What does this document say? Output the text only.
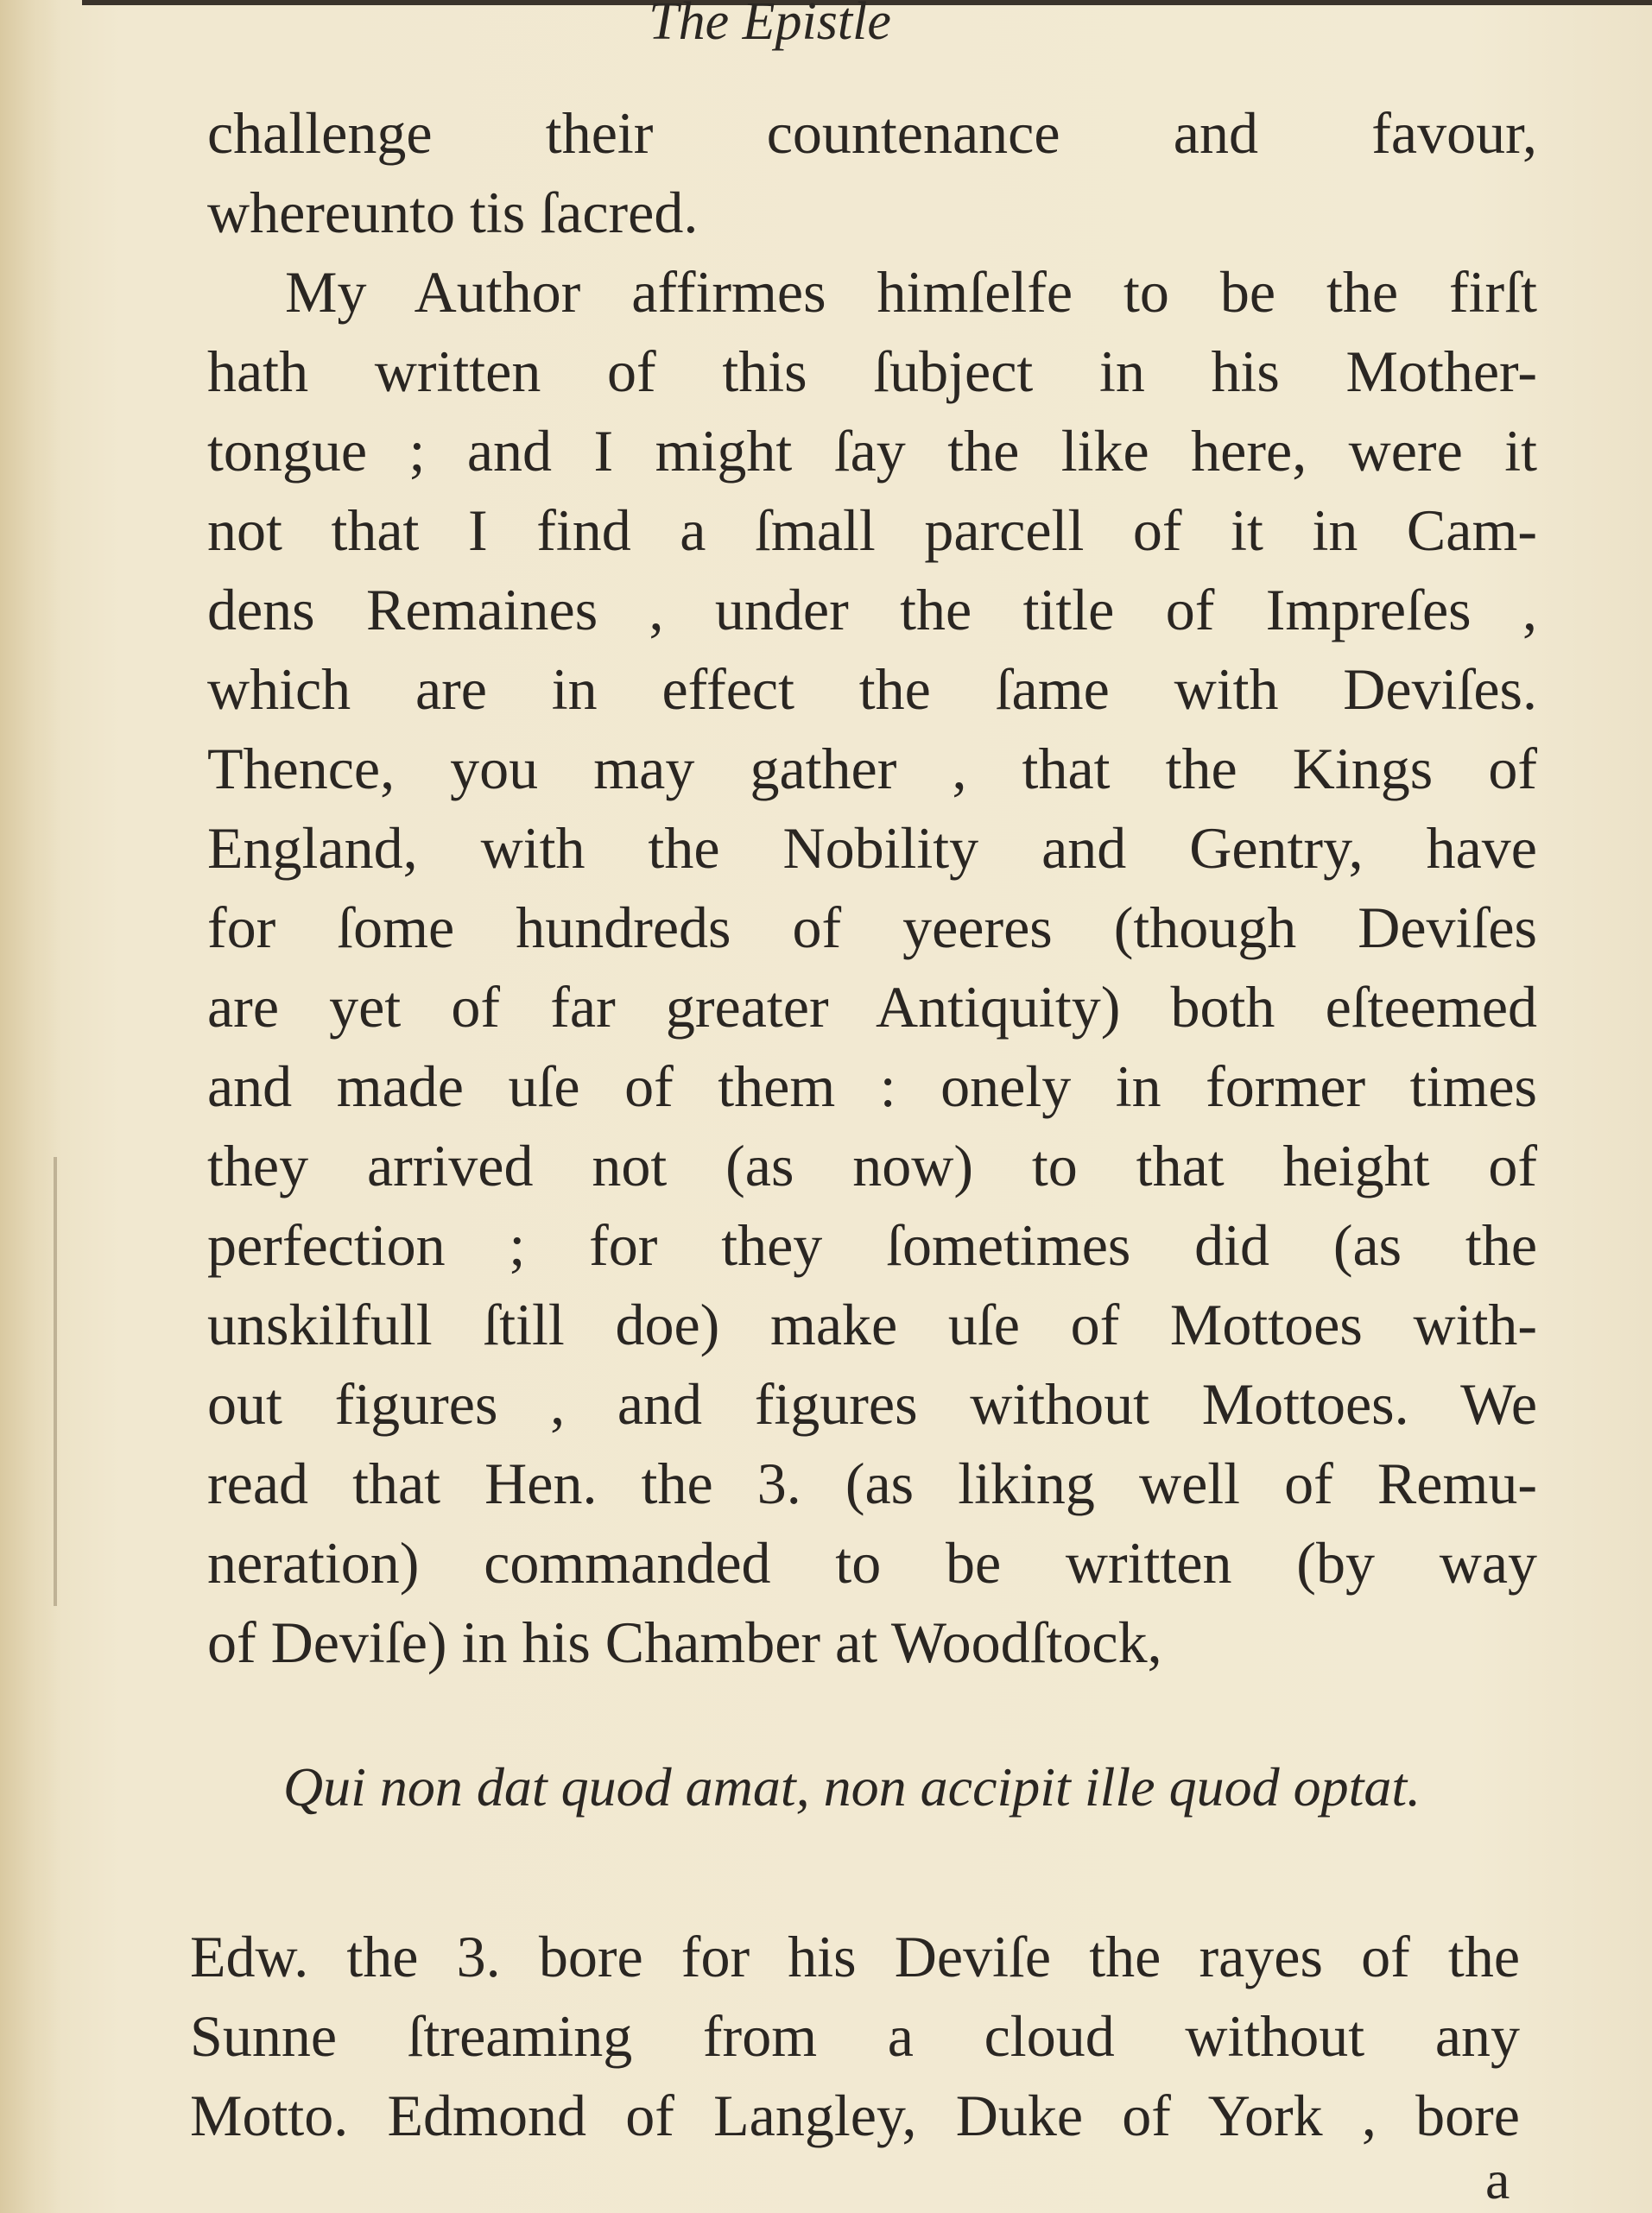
The Epistle
challenge their countenance and favour,
whereunto tis ſacred.
My Author affirmes himſelfe to be the firſt
hath written of this ſubject in his Mother-
tongue ; and I might ſay the like here, were it
not that I find a ſmall parcell of it in Cam-
dens Remaines , under the title of Impreſes ,
which are in effect the ſame with Deviſes.
Thence, you may gather , that the Kings of
England, with the Nobility and Gentry, have
for ſome hundreds of yeeres (though Deviſes
are yet of far greater Antiquity) both eſteemed
and made uſe of them : onely in former times
they arrived not (as now) to that height of
perfection ; for they ſometimes did (as the
unskilfull ſtill doe) make uſe of Mottoes with-
out figures , and figures without Mottoes. We
read that Hen. the 3. (as liking well of Remu-
neration) commanded to be written (by way
of Deviſe) in his Chamber at Woodſtock,
Qui non dat quod amat, non accipit ille quod optat.
Edw. the 3. bore for his Deviſe the rayes of the
Sunne ſtreaming from a cloud without any
Motto. Edmond of Langley, Duke of York , bore
a
